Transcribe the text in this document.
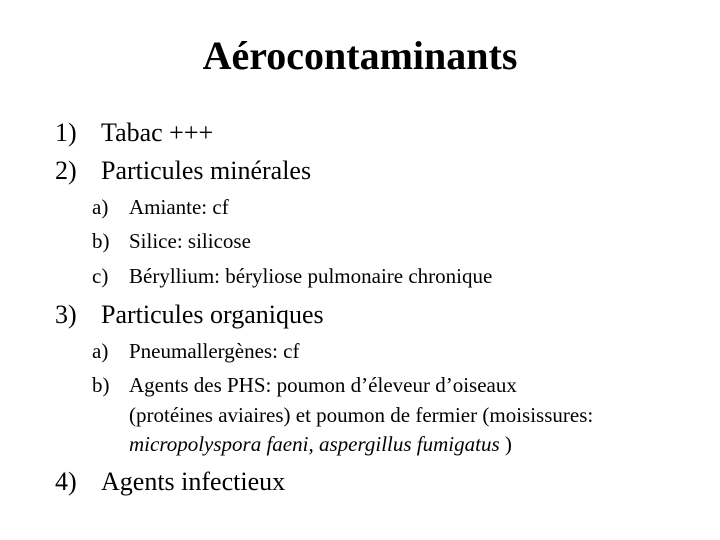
Aérocontaminants
1) Tabac +++
2) Particules minérales
a) Amiante: cf
b) Silice: silicose
c) Béryllium: béryliose pulmonaire chronique
3) Particules organiques
a) Pneumallergènes: cf
b) Agents des PHS: poumon d’éleveur d’oiseaux
(protéines aviaires) et poumon de fermier (moisissures:
micropolyspora faeni, aspergillus fumigatus )
4) Agents infectieux
